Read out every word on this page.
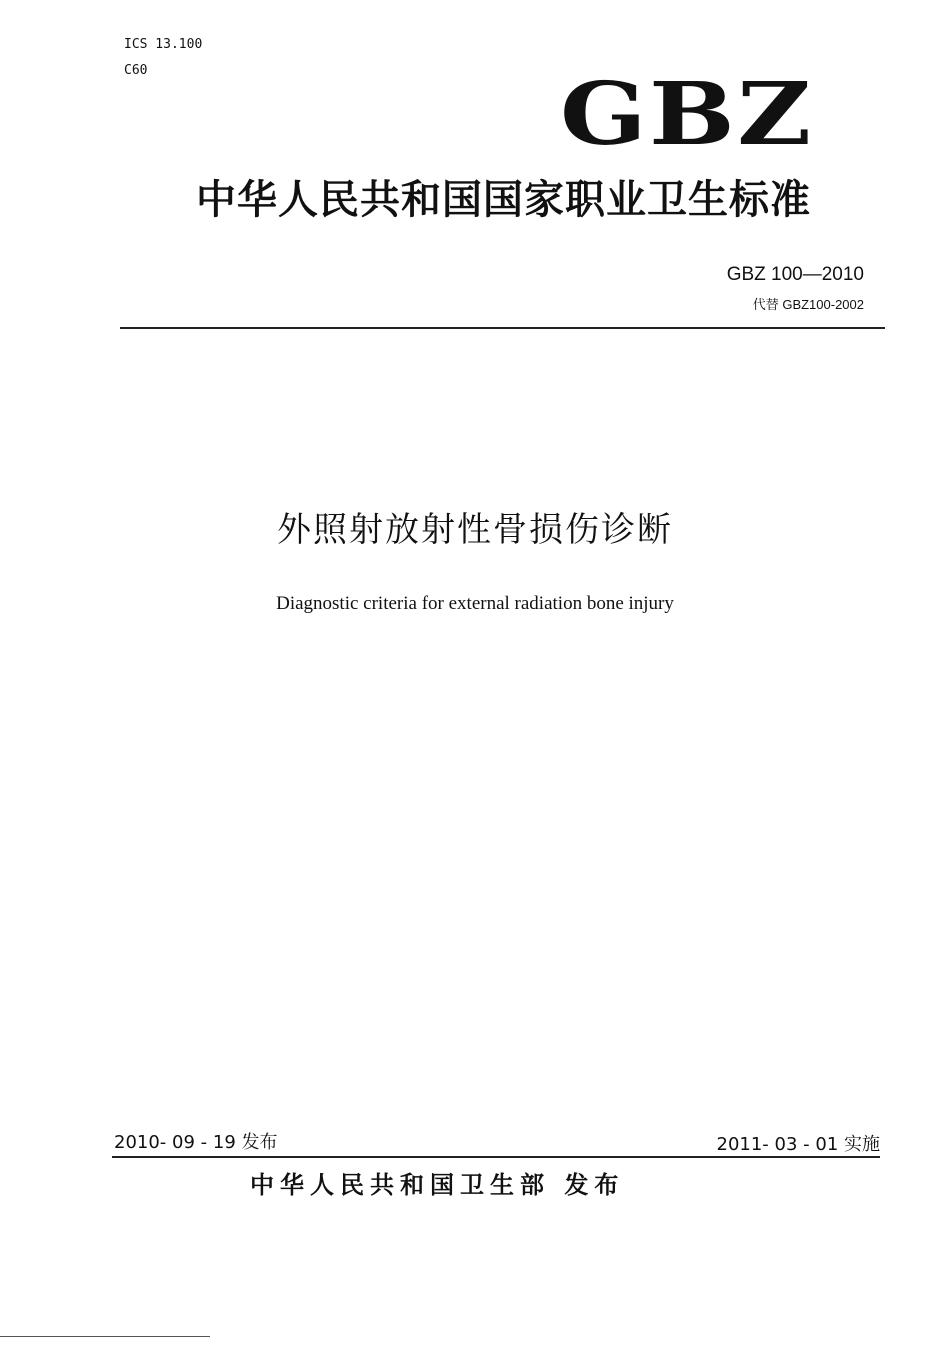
ICS 13.100
C60	GBZ
中华人民共和国国家职业卫生标准
GBZ 100—2010
代替 GBZ100-2002
外照射放射性骨损伤诊断
Diagnostic criteria for external radiation bone injury
2010- 09 - 19 发布	2011- 03 - 01 实施
中华人民共和国卫生部 发布
